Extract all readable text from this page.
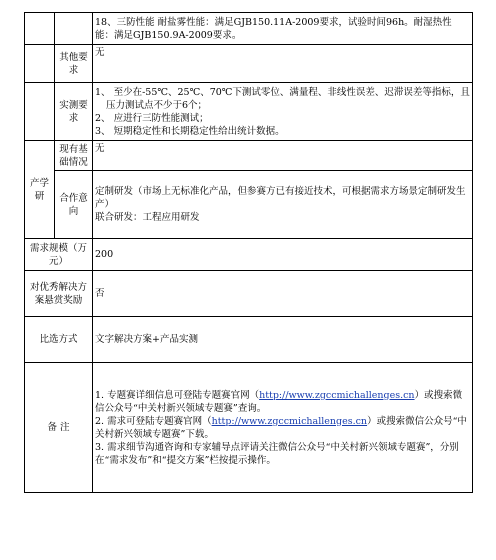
		18、三防性能 耐盐雾性能：满足GJB150.11A-2009要求，试验时间96h。耐湿热性能：满足GJB150.9A-2009要求。
	其他要求	无
	实测要求	1、 至少在-55℃、25℃、70℃下测试零位、满量程、非线性误差、迟滞误差等指标，且压力测试点不少于6个；
2、 应进行三防性能测试；
3、 短期稳定性和长期稳定性给出统计数据。

产学研	现有基础情况	无
	合作意向	定制研发（市场上无标准化产品，但参赛方已有接近技术，可根据需求方场景定制研发生产）
联合研发：工程应用研发

需求规模（万元）		200
对优秀解决方案悬赏奖励		否
比选方式		文字解决方案+产品实测
备 注		1. 专题赛详细信息可登陆专题赛官网（http://www.zgccmichallenges.cn）或搜索微信公众号“中关村新兴领域专题赛”查询。
2. 需求可登陆专题赛官网（http://www.zgccmichallenges.cn）或搜索微信公众号“中关村新兴领域专题赛”下载。
3. 需求细节沟通咨询和专家辅导点评请关注微信公众号“中关村新兴领域专题赛”，分别在“需求发布”和“提交方案”栏按提示操作。
